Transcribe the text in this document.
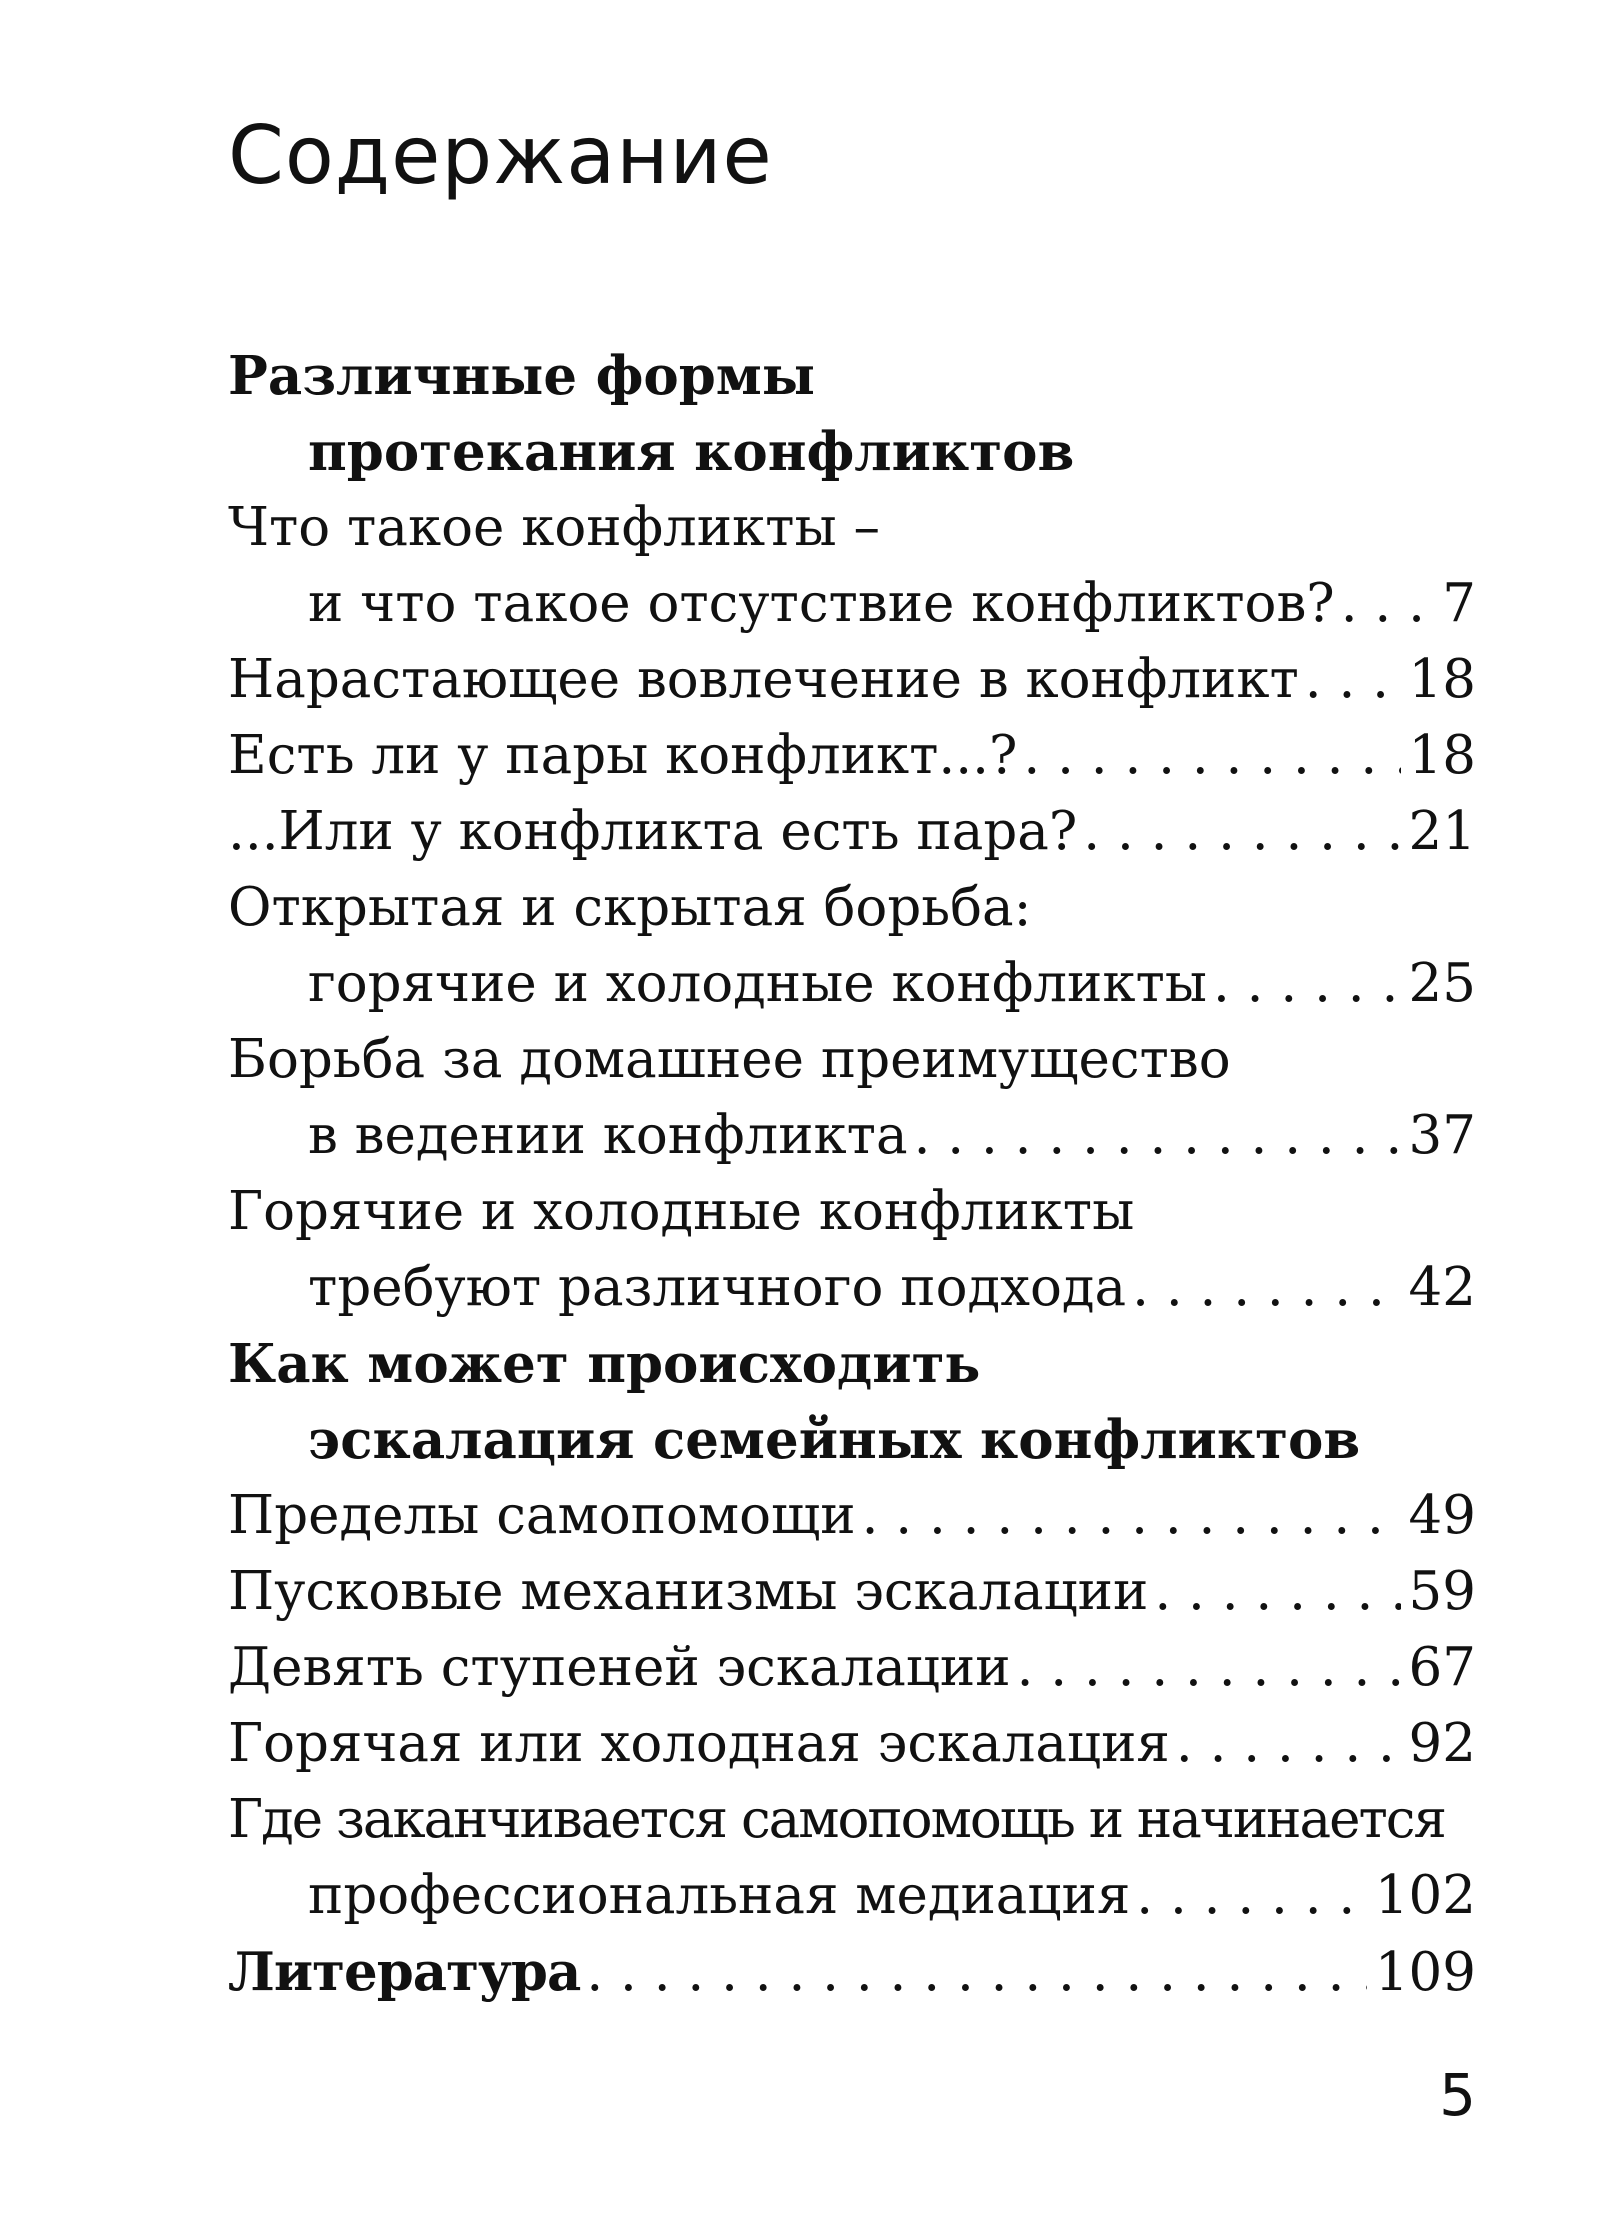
Содержание
Различные формы
протекания конфликтов
Что такое конфликты –
и что такое отсутствие конфликтов? . . . 7
Нарастающее вовлечение в конфликт . . . 18
Есть ли у пары конфликт...? . . .	18
...Или у конфликта есть пара? . . .	21
Открытая и скрытая борьба:
горячие и холодные конфликты . . .	25
Борьба за домашнее преимущество
в ведении конфликта . . .	37
Горячие и холодные конфликты
требуют различного подхода . . .	42
Как может происходить
эскалация семейных конфликтов
Пределы самопомощи . . .	49
Пусковые механизмы эскалации . . .	59
Девять ступеней эскалации . . .	67
Горячая или холодная эскалация . . .	92
Где заканчивается самопомощь и начинается
профессиональная медиация . . .	102
Литература . . .	109
5
